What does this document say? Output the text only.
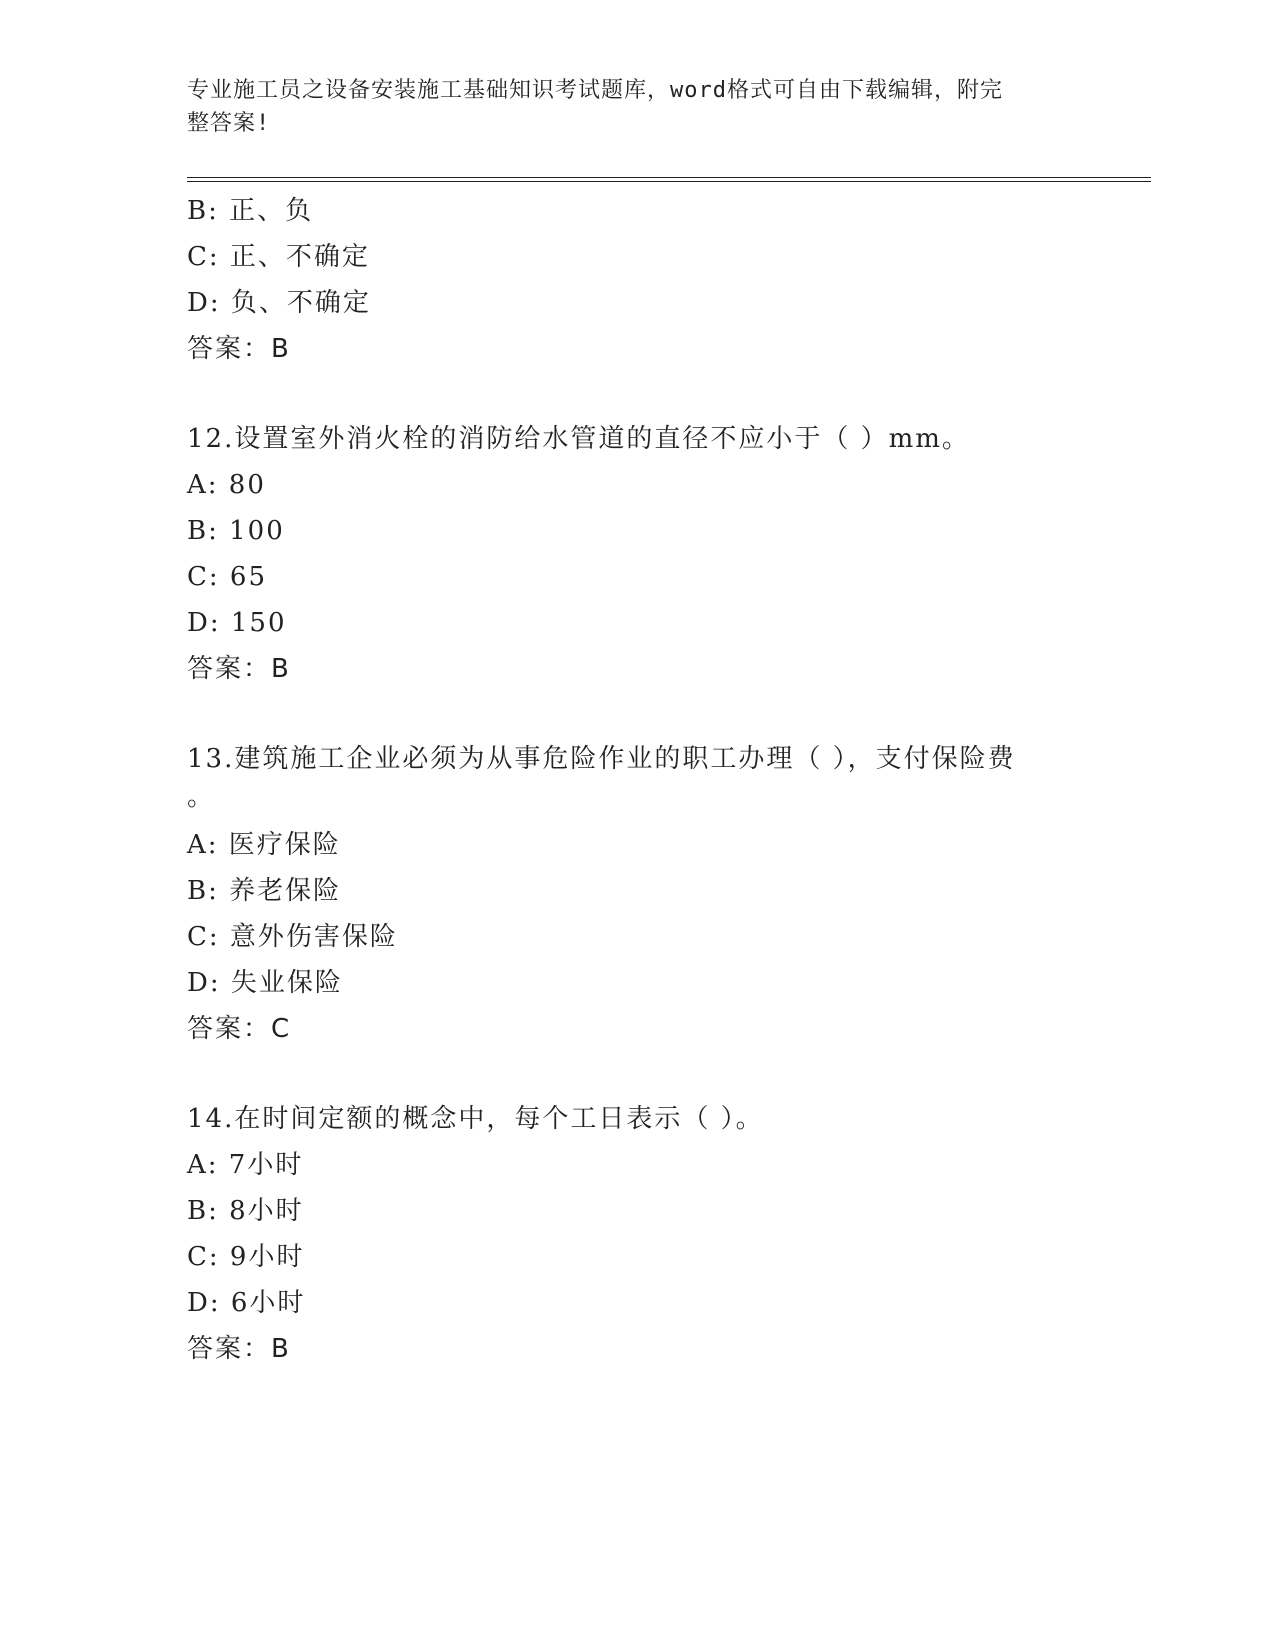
专业施工员之设备安装施工基础知识考试题库，word格式可自由下载编辑，附完
整答案!
B: 正、负
C: 正、不确定
D: 负、不确定
答案：B
12.设置室外消火栓的消防给水管道的直径不应小于（ ）mm。
A: 80
B: 100
C: 65
D: 150
答案：B
13.建筑施工企业必须为从事危险作业的职工办理（ ），支付保险费
。
A: 医疗保险
B: 养老保险
C: 意外伤害保险
D: 失业保险
答案：C
14.在时间定额的概念中，每个工日表示（ ）。
A: 7小时
B: 8小时
C: 9小时
D: 6小时
答案：B
